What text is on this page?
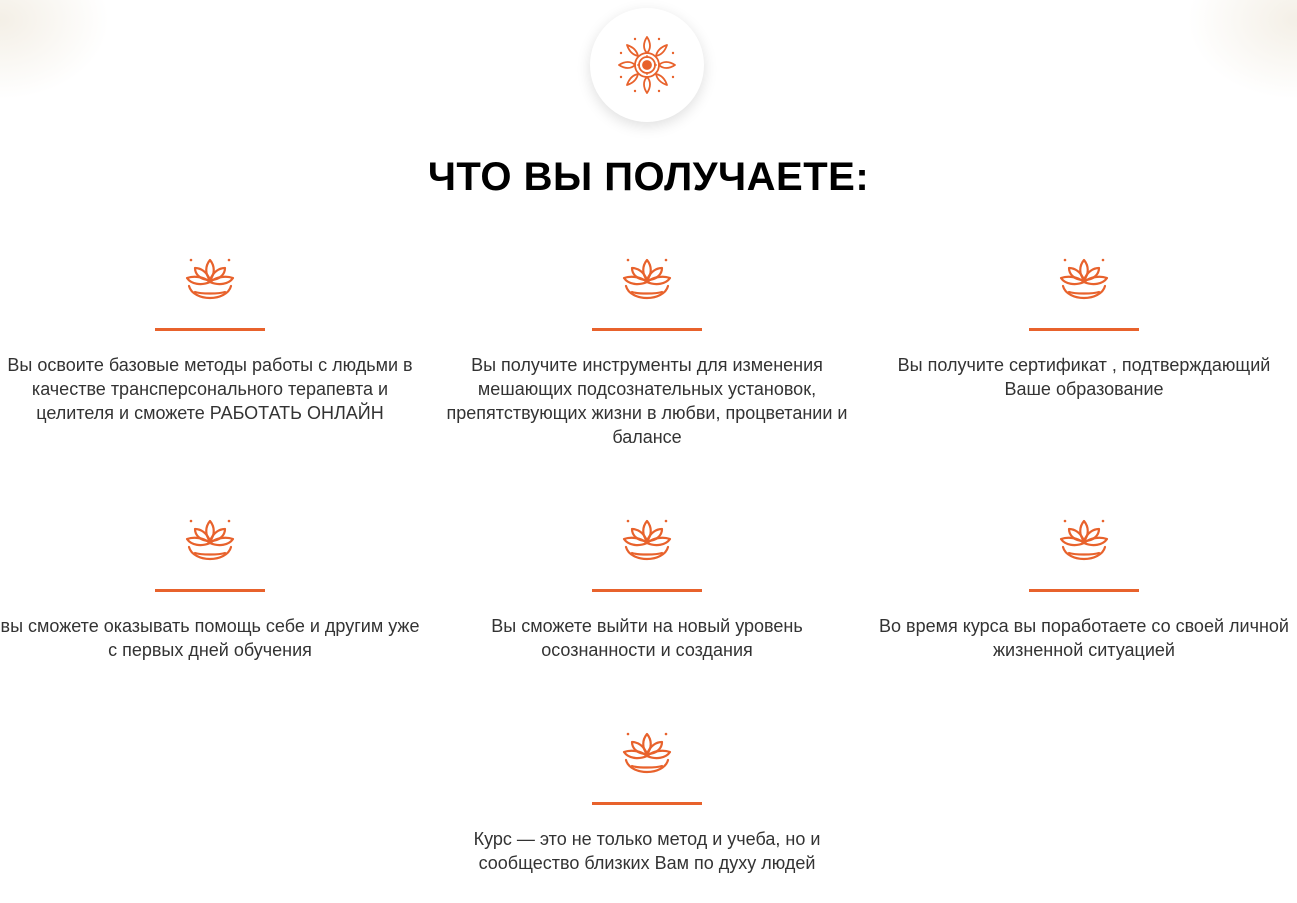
ЧТО ВЫ ПОЛУЧАЕТЕ:
Вы освоите базовые методы работы с людьми в качестве трансперсонального терапевта и целителя и сможете РАБОТАТЬ ОНЛАЙН
Вы получите инструменты для изменения мешающих подсознательных установок, препятствующих жизни в любви, процветании и балансе
Вы получите сертификат , подтверждающий Ваше образование
вы сможете оказывать помощь себе и другим уже с первых дней обучения
Вы сможете выйти на новый уровень осознанности и создания
Во время курса вы поработаете со своей личной жизненной ситуацией
Курс — это не только метод и учеба, но и сообщество близких Вам по духу людей
